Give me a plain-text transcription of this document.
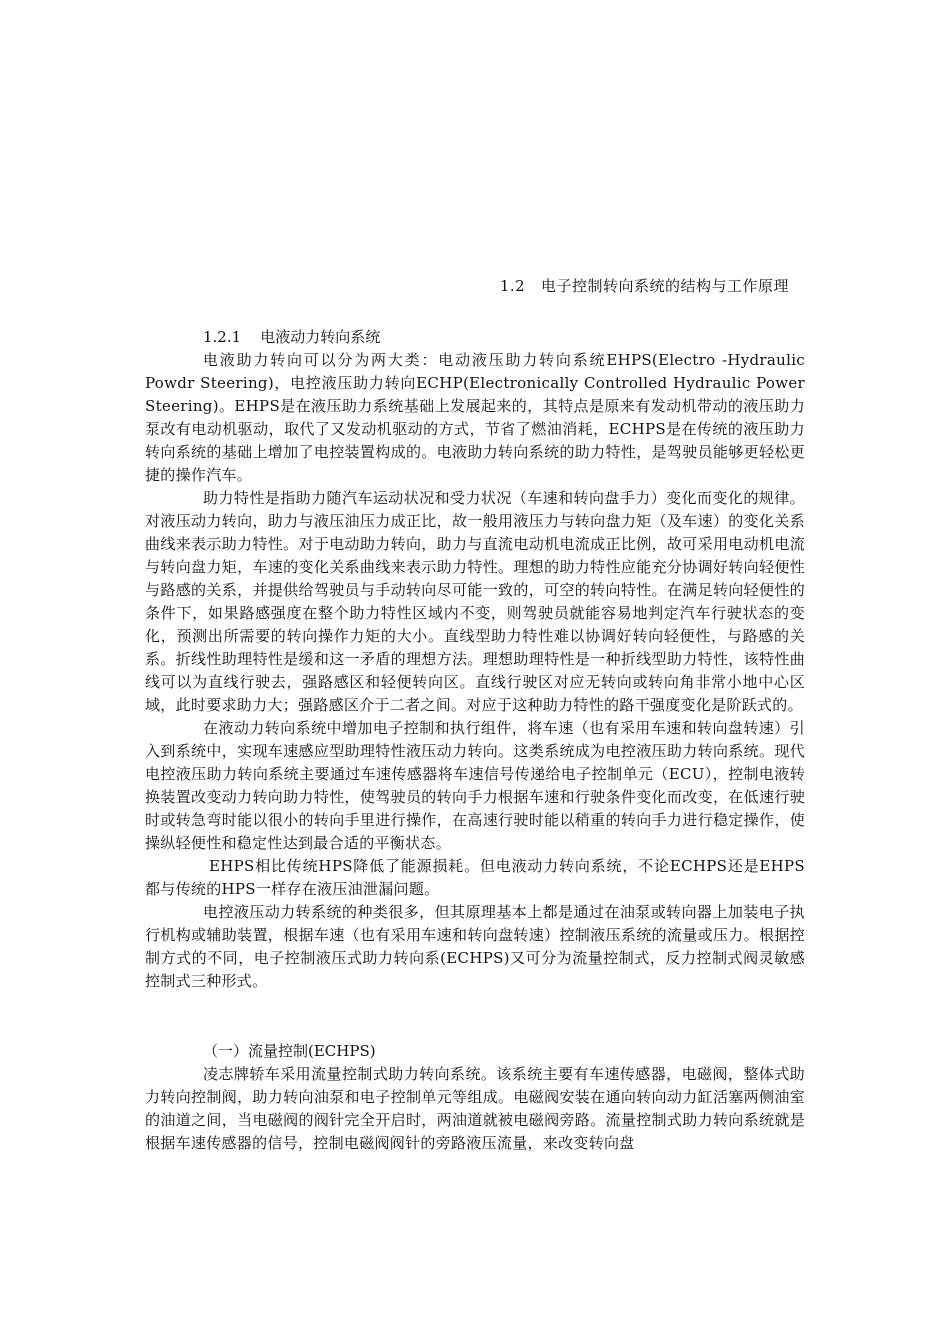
1.2   电子控制转向系统的结构与工作原理

1.2.1    电液动力转向系统

电液助力转向可以分为两大类：电动液压助力转向系统EHPS(Electro -Hydraulic Powdr Steering)，电控液压助力转向ECHP(Electronically Controlled Hydraulic Power Steering)。EHPS是在液压助力系统基础上发展起来的，其特点是原来有发动机带动的液压助力泵改有电动机驱动，取代了又发动机驱动的方式，节省了燃油消耗，ECHPS是在传统的液压助力转向系统的基础上增加了电控装置构成的。电液助力转向系统的助力特性，是驾驶员能够更轻松更捷的操作汽车。

助力特性是指助力随汽车运动状况和受力状况（车速和转向盘手力）变化而变化的规律。对液压动力转向，助力与液压油压力成正比，故一般用液压力与转向盘力矩（及车速）的变化关系曲线来表示助力特性。对于电动助力转向，助力与直流电动机电流成正比例，故可采用电动机电流与转向盘力矩，车速的变化关系曲线来表示助力特性。理想的助力特性应能充分协调好转向轻便性与路感的关系，并提供给驾驶员与手动转向尽可能一致的，可空的转向特性。在满足转向轻便性的条件下，如果路感强度在整个助力特性区域内不变，则驾驶员就能容易地判定汽车行驶状态的变化，预测出所需要的转向操作力矩的大小。直线型助力特性难以协调好转向轻便性，与路感的关系。折线性助理特性是缓和这一矛盾的理想方法。理想助理特性是一种折线型助力特性，该特性曲线可以为直线行驶去，强路感区和轻便转向区。直线行驶区对应无转向或转向角非常小地中心区域，此时要求助力大；强路感区介于二者之间。对应于这种助力特性的路干强度变化是阶跃式的。

在液动力转向系统中增加电子控制和执行组件，将车速（也有采用车速和转向盘转速）引入到系统中，实现车速感应型助理特性液压动力转向。这类系统成为电控液压助力转向系统。现代电控液压助力转向系统主要通过车速传感器将车速信号传递给电子控制单元（ECU），控制电液转换装置改变动力转向助力特性，使驾驶员的转向手力根据车速和行驶条件变化而改变，在低速行驶时或转急弯时能以很小的转向手里进行操作，在高速行驶时能以稍重的转向手力进行稳定操作，使操纵轻便性和稳定性达到最合适的平衡状态。

EHPS相比传统HPS降低了能源损耗。但电液动力转向系统，不论ECHPS还是EHPS都与传统的HPS一样存在液压油泄漏问题。

电控液压动力转系统的种类很多，但其原理基本上都是通过在油泵或转向器上加装电子执行机构或辅助装置，根据车速（也有采用车速和转向盘转速）控制液压系统的流量或压力。根据控制方式的不同，电子控制液压式助力转向系(ECHPS)又可分为流量控制式，反力控制式阀灵敏感控制式三种形式。

（一）流量控制(ECHPS)

凌志牌轿车采用流量控制式助力转向系统。该系统主要有车速传感器，电磁阀，整体式助力转向控制阀，助力转向油泵和电子控制单元等组成。电磁阀安装在通向转向动力缸活塞两侧油室的油道之间，当电磁阀的阀针完全开启时，两油道就被电磁阀旁路。流量控制式助力转向系统就是根据车速传感器的信号，控制电磁阀阀针的旁路液压流量，来改变转向盘
